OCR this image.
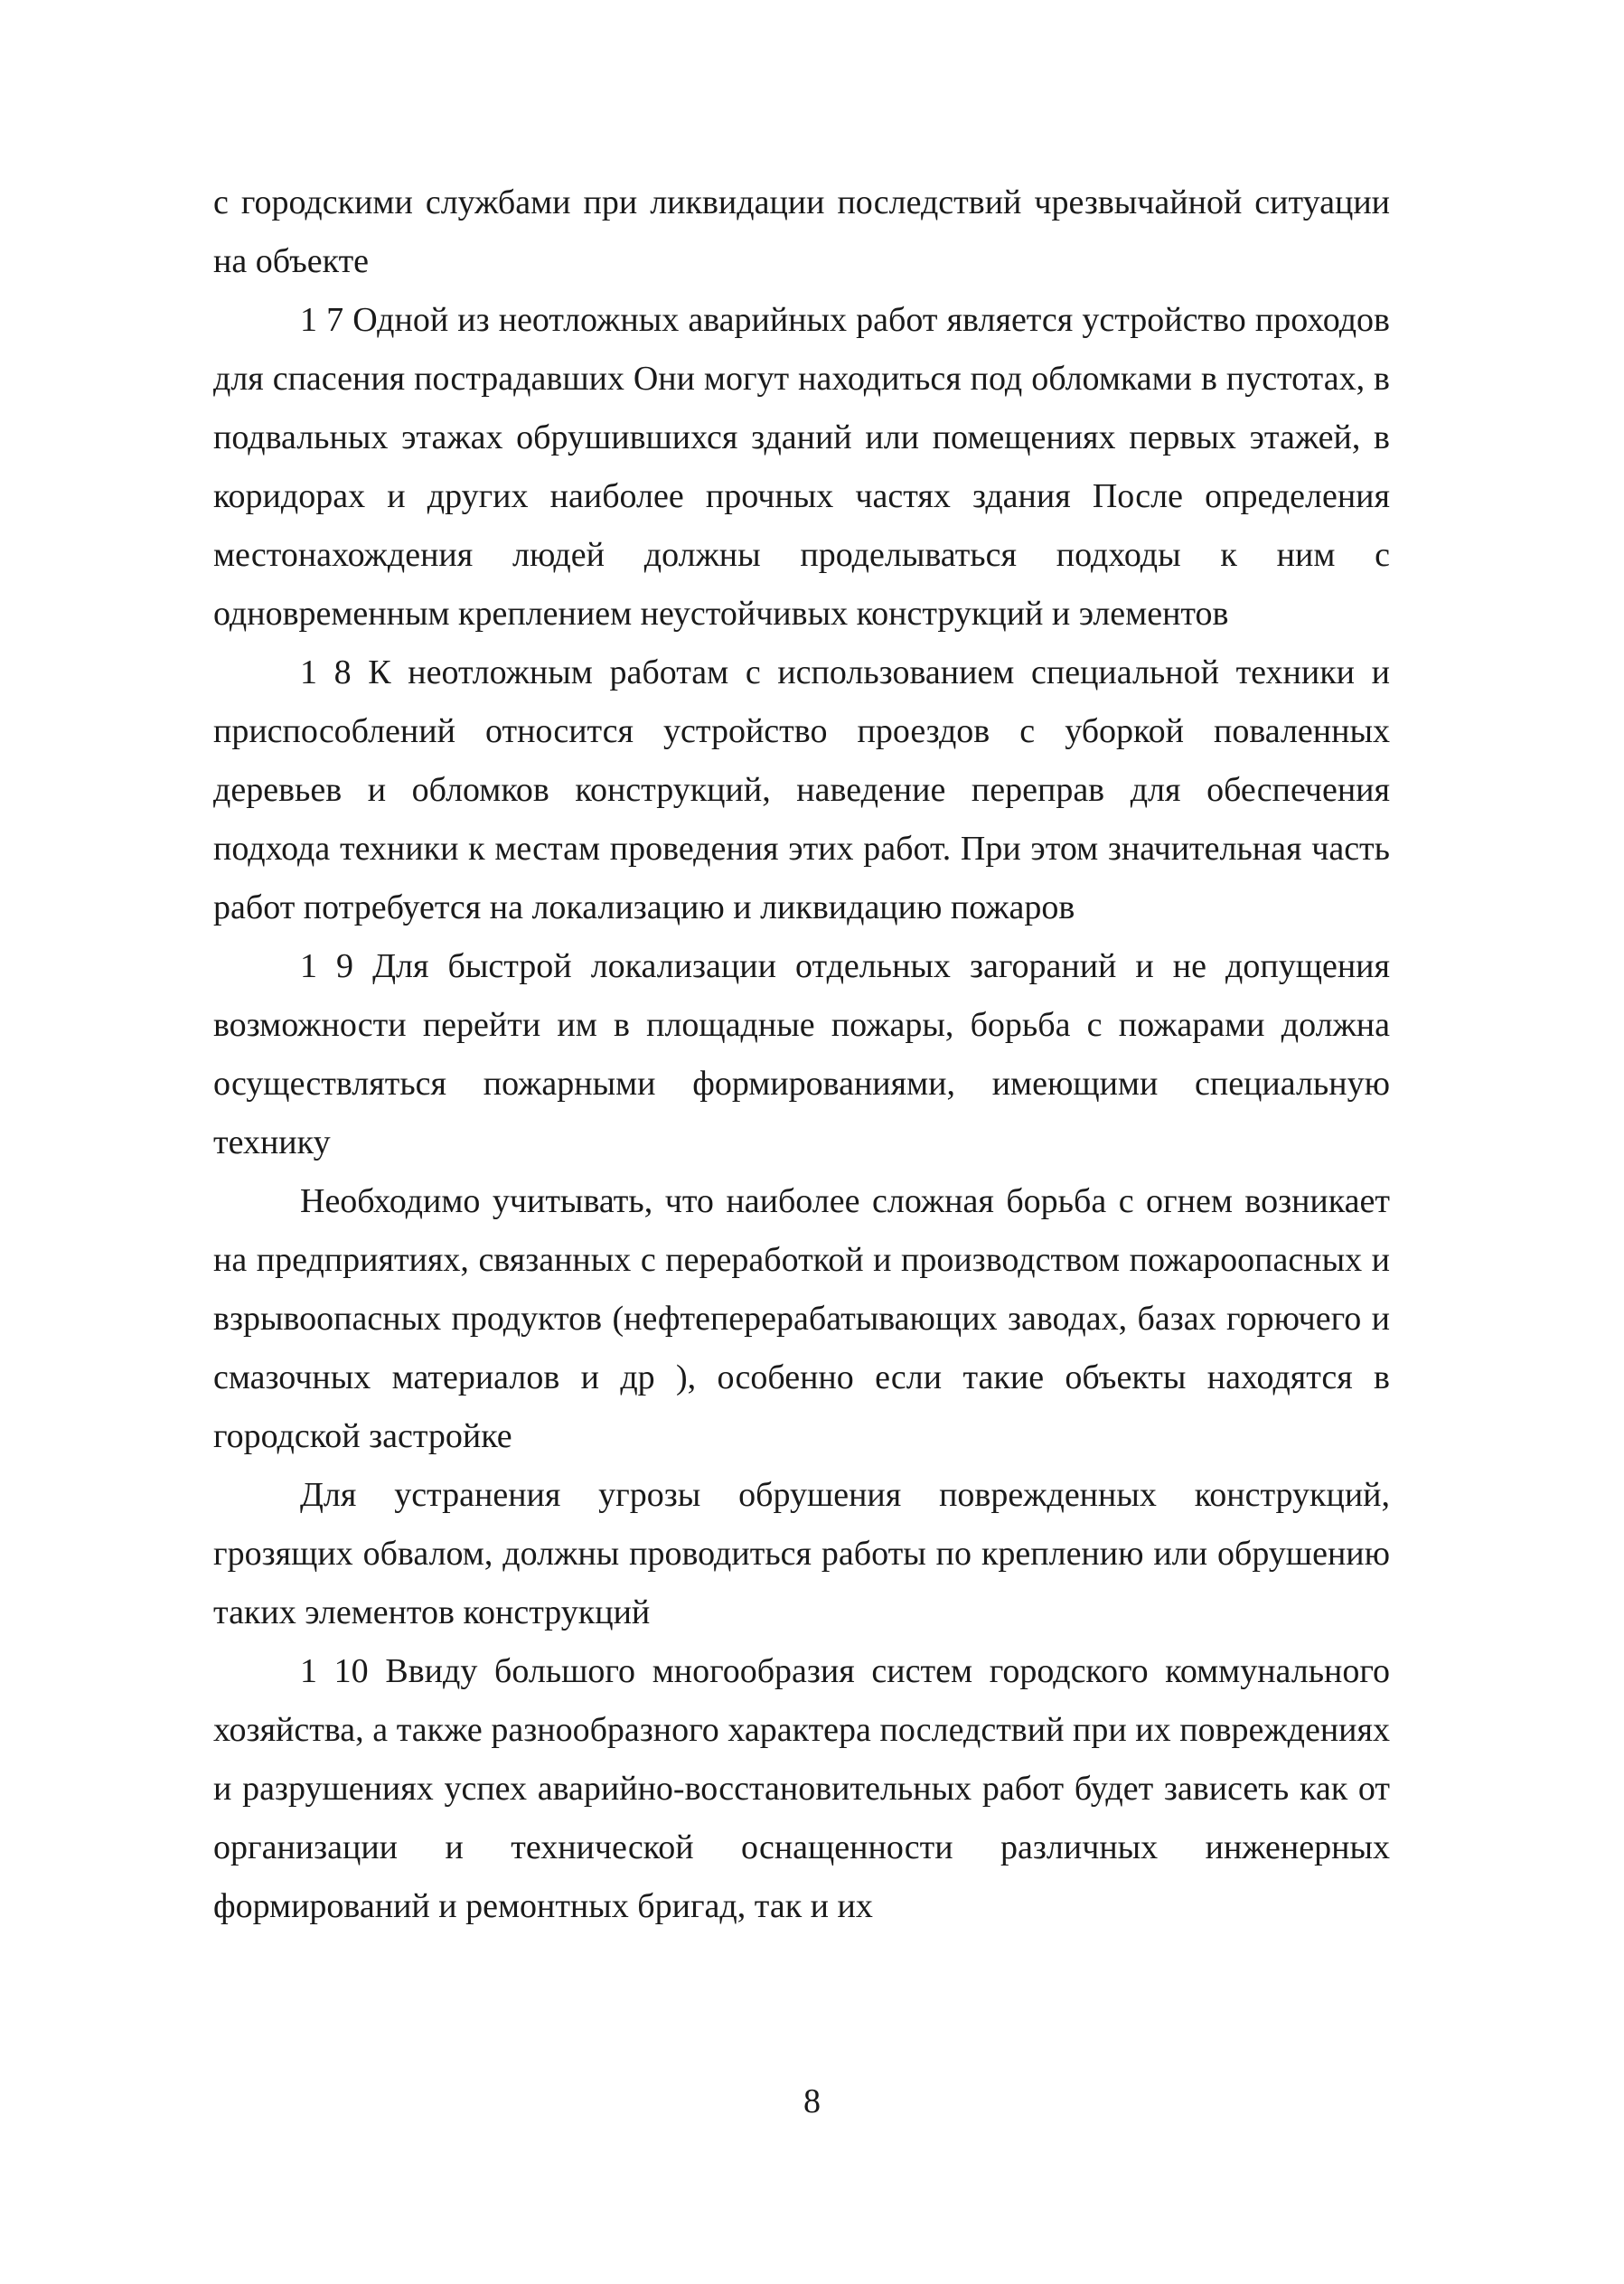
с городскими службами при ликвидации последствий чрезвычайной ситуации на объекте

1 7 Одной из неотложных аварийных работ является устройство проходов для спасения пострадавших Они могут находиться под обломками в пустотах, в подвальных этажах обрушившихся зданий или помещениях первых этажей, в коридорах и других наиболее прочных частях здания После определения местонахождения людей должны проделываться подходы к ним с одновременным креплением неустойчивых конструкций и элементов

1 8 К неотложным работам с использованием специальной техники и приспособлений относится устройство проездов с уборкой поваленных деревьев и обломков конструкций, наведение переправ для обеспечения подхода техники к местам проведения этих работ. При этом значительная часть работ потребуется на локализацию и ликвидацию пожаров

1 9 Для быстрой локализации отдельных загораний и не допущения возможности перейти им в площадные пожары, борьба с пожарами должна осуществляться пожарными формированиями, имеющими специальную технику

Необходимо учитывать, что наиболее сложная борьба с огнем возникает на предприятиях, связанных с переработкой и производством пожароопасных и взрывоопасных продуктов (нефтеперерабатывающих заводах, базах горючего и смазочных материалов и др ), особенно если такие объекты находятся в городской застройке

Для устранения угрозы обрушения поврежденных конструкций, грозящих обвалом, должны проводиться работы по креплению или обрушению таких элементов конструкций

1 10 Ввиду большого многообразия систем городского коммунального хозяйства, а также разнообразного характера последствий при их повреждениях и разрушениях успех аварийно-восстановительных работ будет зависеть как от организации и технической оснащенности различных инженерных формирований и ремонтных бригад, так и их

8
